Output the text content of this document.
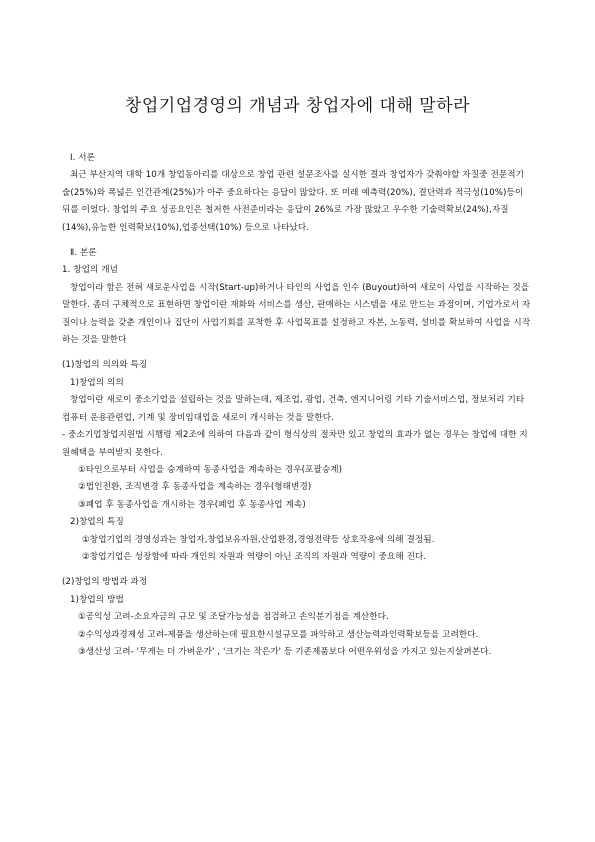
창업기업경영의 개념과 창업자에 대해 말하라

Ⅰ. 서론

최근 부산지역 대학 10개 창업동아리를 대상으로 창업 관련 설문조사를 실시한 결과 창업자가 갖춰야할 자질중 전문적기술(25%)와 폭넓은 인간관계(25%)가 아주 중요하다는 응답이 많았다. 또 미래 예측력(20%), 결단력과 적극성(10%)등이 뒤를 이었다. 창업의 주요 성공요인은 철저한 사전준비라는 응답이 26%로 가장 많았고 우수한 기술력확보(24%),자질(14%),유능한 인력확보(10%),업종선택(10%) 등으로 나타났다.

Ⅱ. 본론

1. 창업의 개념

창업이라 함은 전혀 새로운사업을 시작(Start-up)하거나 타인의 사업을 인수 (Buyout)하여 새로이 사업을 시작하는 것을 말한다. 좀더 구체적으로 표현하면 창업이란 재화와 서비스를 생산, 판매하는 시스템을 새로 만드는 과정이며, 기업가로서 자질이나 능력을 갖춘 개인이나 집단이 사업기회를 포착한 후 사업목표를 설정하고 자본, 노동력, 설비를 확보하여 사업을 시작하는 것을 말한다

(1)창업의 의의와 특징

1)창업의 의의

창업이란 새로이 중소기업을 설립하는 것을 말하는데, 제조업, 광업, 건축, 엔지니어링 기타 기술서비스업, 정보처리 기타 컴퓨터 운용관련업, 기계 및 장비임대업을 새로이 개시하는 것을 말한다.

- 중소기업창업지원법 시행령 제2조에 의하여 다음과 같이 형식상의 절차만 있고 창업의 효과가 없는 경우는 창업에 대한 지원혜택을 부여받지 못한다.

①타인으로부터 사업을 승계하여 동종사업을 계속하는 경우(포괄승계)

②법인전환, 조직변경 후 동종사업을 계속하는 경우(형태변경)

③폐업 후 동종사업을 개시하는 경우(폐업 후 동종사업 계속)

2)창업의 특징

①창업기업의 경영성과는 창업자,창업보유자원,산업환경,경영전략등 상호작용에 의해 결정됨.

②창업기업은 성장함에 따라 개인의 자원과 역량이 아닌 조직의 자원과 역량이 중요해 진다.

(2)창업의 방법과 과정

1)창업의 방법

①공익성 고려-소요자금의 규모 및 조달가능성을 점검하고 손익분기점을 계산한다.

②수익성과경제성 고려-제품을 생산하는데 필요한시설규모를 파악하고 생산능력과인력확보등을 고려한다.

③생산성 고려- '무게는 더 가벼운가' , '크기는 작은가' 등 기존제품보다 어떤우위성을 가지고 있는지살펴본다.
